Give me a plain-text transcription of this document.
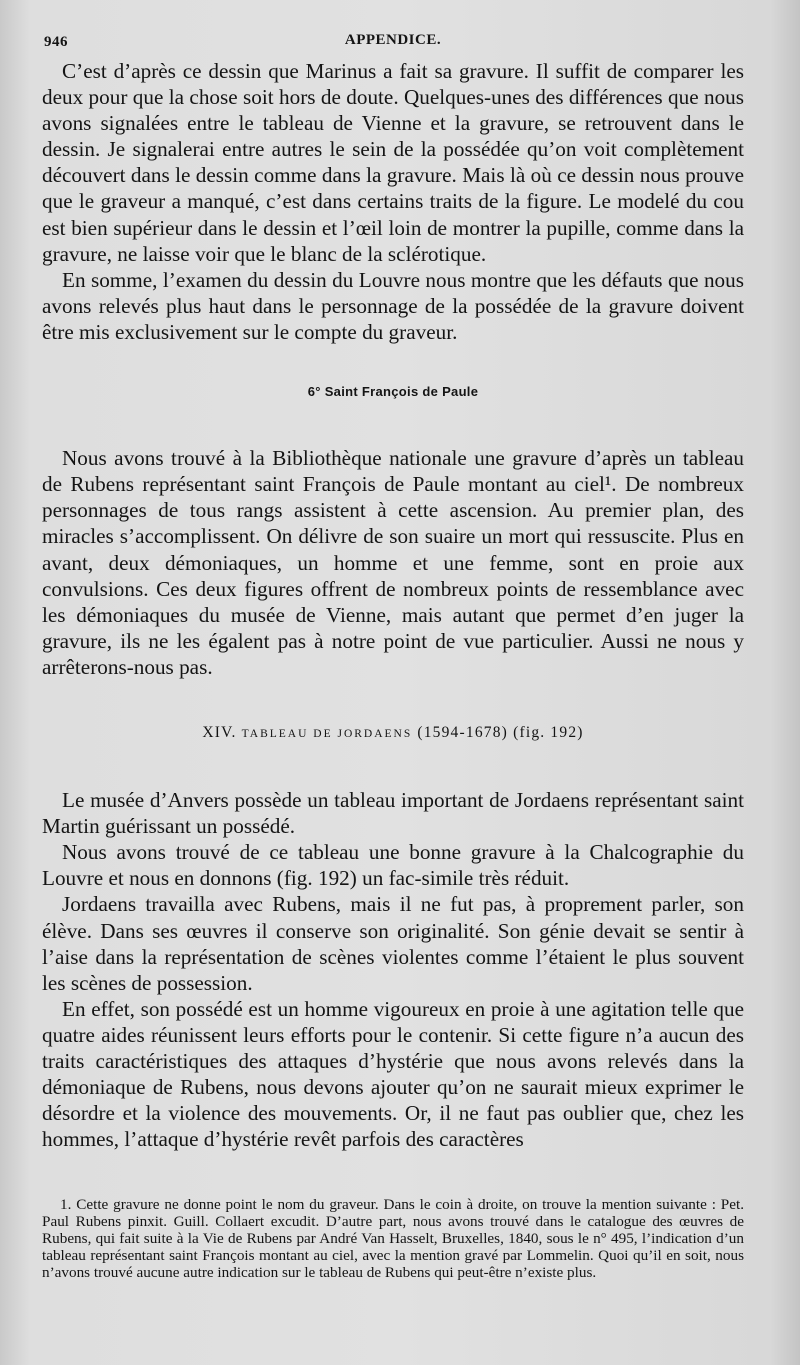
946	APPENDICE.

C’est d’après ce dessin que Marinus a fait sa gravure. Il suffit de comparer les deux pour que la chose soit hors de doute. Quelques-unes des différences que nous avons signalées entre le tableau de Vienne et la gravure, se retrouvent dans le dessin. Je signalerai entre autres le sein de la possédée qu’on voit complètement découvert dans le dessin comme dans la gravure. Mais là où ce dessin nous prouve que le graveur a manqué, c’est dans certains traits de la figure. Le modelé du cou est bien supérieur dans le dessin et l’œil loin de montrer la pupille, comme dans la gravure, ne laisse voir que le blanc de la sclérotique.

En somme, l’examen du dessin du Louvre nous montre que les défauts que nous avons relevés plus haut dans le personnage de la possédée de la gravure doivent être mis exclusivement sur le compte du graveur.

6° Saint François de Paule

Nous avons trouvé à la Bibliothèque nationale une gravure d’après un tableau de Rubens représentant saint François de Paule montant au ciel¹. De nombreux personnages de tous rangs assistent à cette ascension. Au premier plan, des miracles s’accomplissent. On délivre de son suaire un mort qui ressuscite. Plus en avant, deux démoniaques, un homme et une femme, sont en proie aux convulsions. Ces deux figures offrent de nombreux points de ressemblance avec les démoniaques du musée de Vienne, mais autant que permet d’en juger la gravure, ils ne les égalent pas à notre point de vue particulier. Aussi ne nous y arrêterons-nous pas.

XIV. TABLEAU DE JORDAENS (1594-1678) (fig. 192)

Le musée d’Anvers possède un tableau important de Jordaens représentant saint Martin guérissant un possédé.

Nous avons trouvé de ce tableau une bonne gravure à la Chalcographie du Louvre et nous en donnons (fig. 192) un fac-simile très réduit.

Jordaens travailla avec Rubens, mais il ne fut pas, à proprement parler, son élève. Dans ses œuvres il conserve son originalité. Son génie devait se sentir à l’aise dans la représentation de scènes violentes comme l’étaient le plus souvent les scènes de possession.

En effet, son possédé est un homme vigoureux en proie à une agitation telle que quatre aides réunissent leurs efforts pour le contenir. Si cette figure n’a aucun des traits caractéristiques des attaques d’hystérie que nous avons relevés dans la démoniaque de Rubens, nous devons ajouter qu’on ne saurait mieux exprimer le désordre et la violence des mouvements. Or, il ne faut pas oublier que, chez les hommes, l’attaque d’hystérie revêt parfois des caractères

1. Cette gravure ne donne point le nom du graveur. Dans le coin à droite, on trouve la mention suivante : Pet. Paul Rubens pinxit. Guill. Collaert excudit. D’autre part, nous avons trouvé dans le catalogue des œuvres de Rubens, qui fait suite à la Vie de Rubens par André Van Hasselt, Bruxelles, 1840, sous le n° 495, l’indication d’un tableau représentant saint François montant au ciel, avec la mention gravé par Lommelin. Quoi qu’il en soit, nous n’avons trouvé aucune autre indication sur le tableau de Rubens qui peut-être n’existe plus.
